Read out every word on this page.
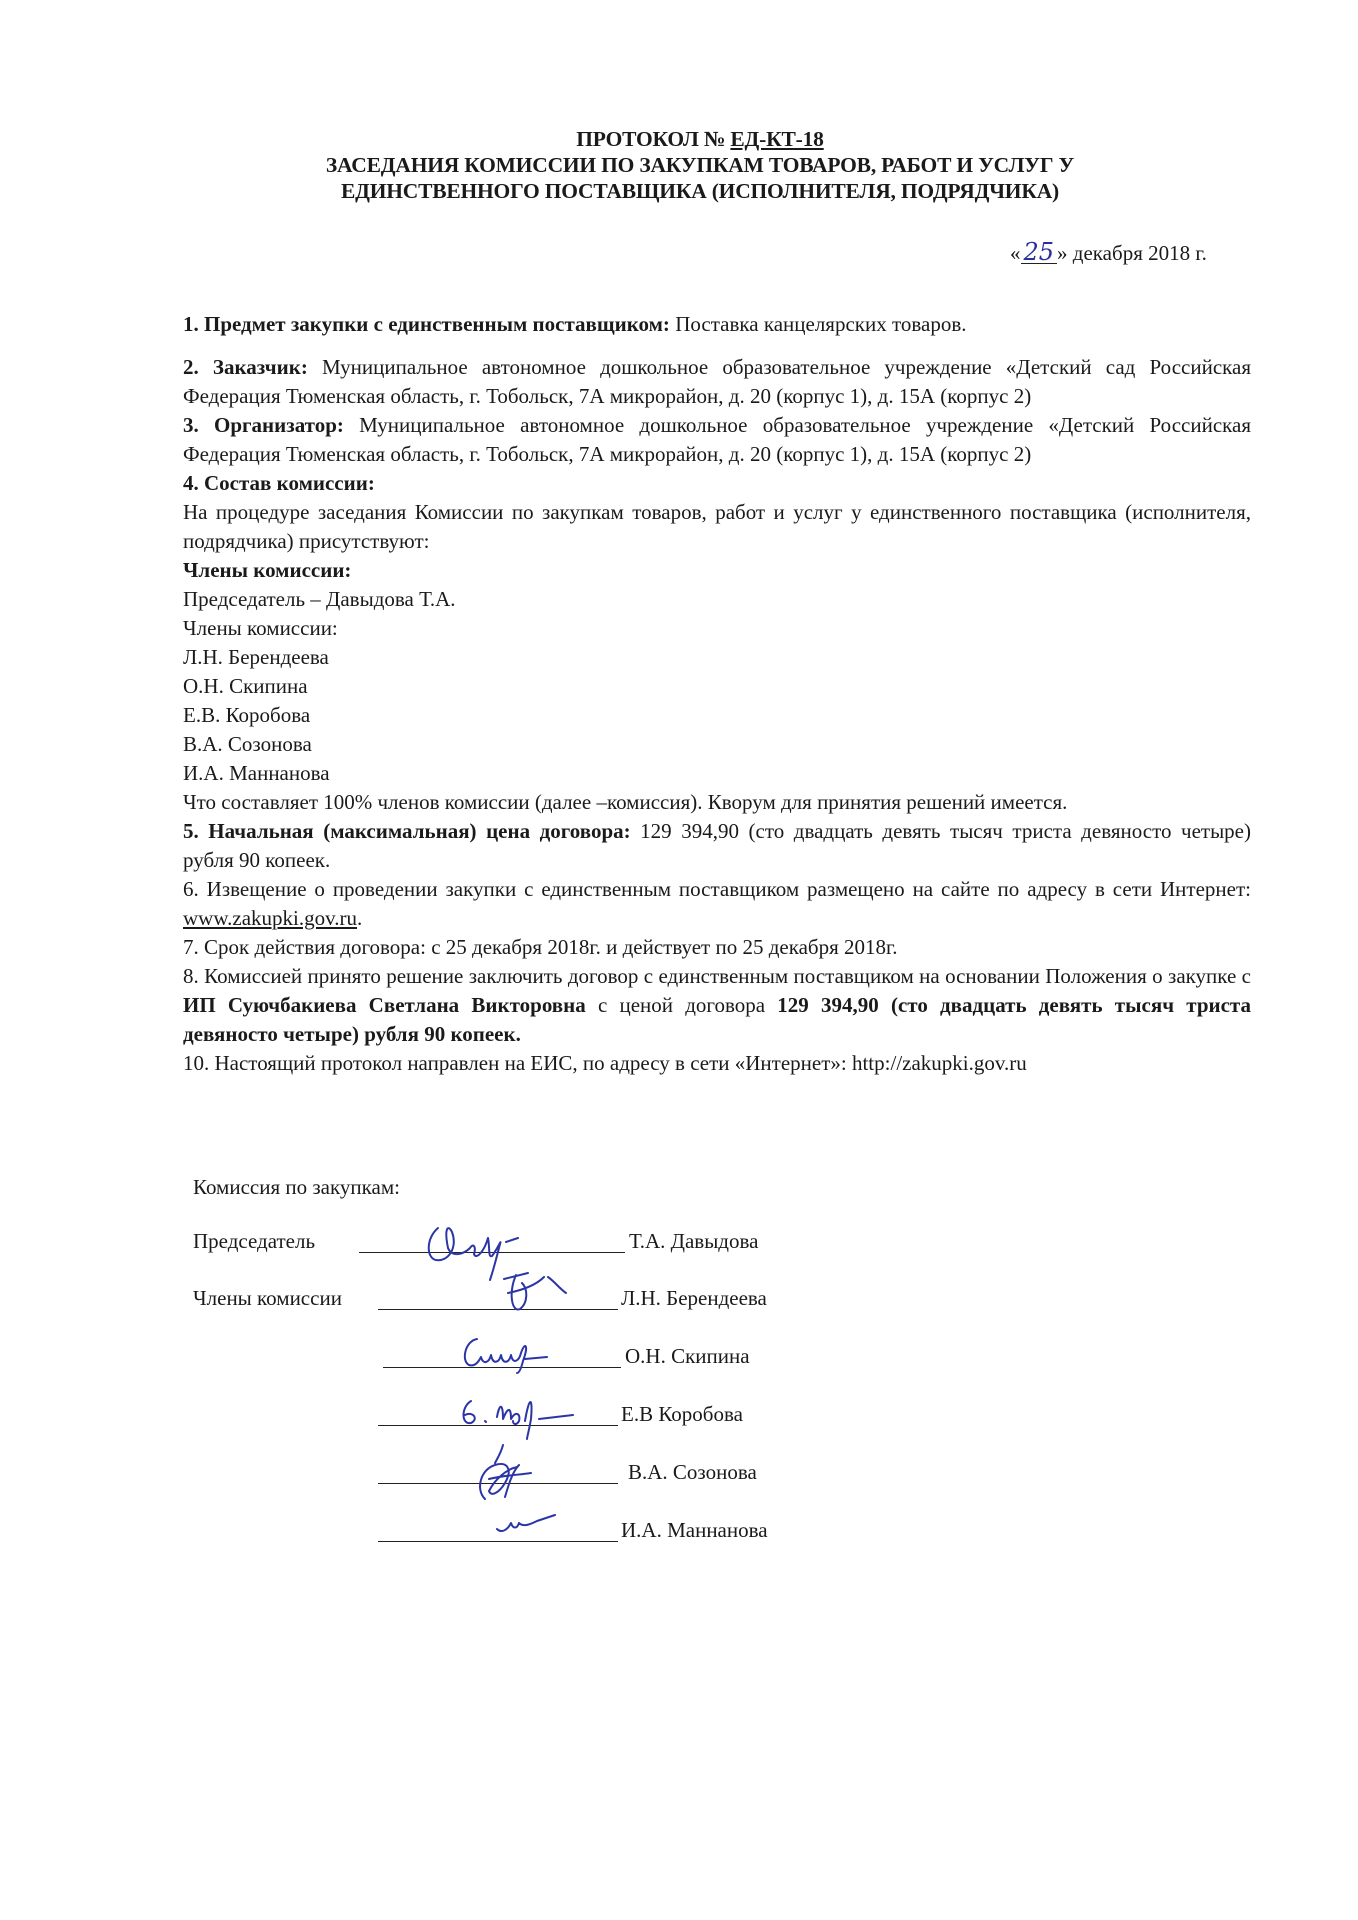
ПРОТОКОЛ № ЕД-КТ-18
ЗАСЕДАНИЯ КОМИССИИ ПО ЗАКУПКАМ ТОВАРОВ, РАБОТ И УСЛУГ У
ЕДИНСТВЕННОГО ПОСТАВЩИКА (ИСПОЛНИТЕЛЯ, ПОДРЯДЧИКА)
« 25 » декабря 2018 г.

1. Предмет закупки с единственным поставщиком: Поставка канцелярских товаров.

2. Заказчик: Муниципальное автономное дошкольное образовательное учреждение «Детский сад Российская Федерация Тюменская область, г. Тобольск, 7А микрорайон, д. 20 (корпус 1), д. 15А (корпус 2)

3. Организатор: Муниципальное автономное дошкольное образовательное учреждение «Детский Российская Федерация Тюменская область, г. Тобольск, 7А микрорайон, д. 20 (корпус 1), д. 15А (корпус 2)

4. Состав комиссии:

На процедуре заседания Комиссии по закупкам товаров, работ и услуг у единственного поставщика (исполнителя, подрядчика) присутствуют:

Члены комиссии:

Председатель – Давыдова Т.А.

Члены комиссии:

Л.Н. Берендеева

О.Н. Скипина

Е.В. Коробова

В.А. Созонова

И.А. Маннанова

Что составляет 100% членов комиссии (далее –комиссия). Кворум для принятия решений имеется.

5. Начальная (максимальная) цена договора: 129 394,90 (сто двадцать девять тысяч триста девяносто четыре) рубля 90 копеек.

6. Извещение о проведении закупки с единственным поставщиком размещено на сайте по адресу в сети Интернет: www.zakupki.gov.ru.

7. Срок действия договора: с 25 декабря 2018г. и действует по 25 декабря 2018г.

8. Комиссией принято решение заключить договор с единственным поставщиком на основании Положения о закупке с ИП Суючбакиева Светлана Викторовна с ценой договора 129 394,90 (сто двадцать девять тысяч триста девяносто четыре) рубля 90 копеек.

10. Настоящий протокол направлен на ЕИС, по адресу в сети «Интернет»: http://zakupki.gov.ru

Комиссия по закупкам:
Председатель	Т.А. Давыдова
Члены комиссии	Л.Н. Берендеева
О.Н. Скипина
Е.В Коробова
В.А. Созонова
И.А. Маннанова
